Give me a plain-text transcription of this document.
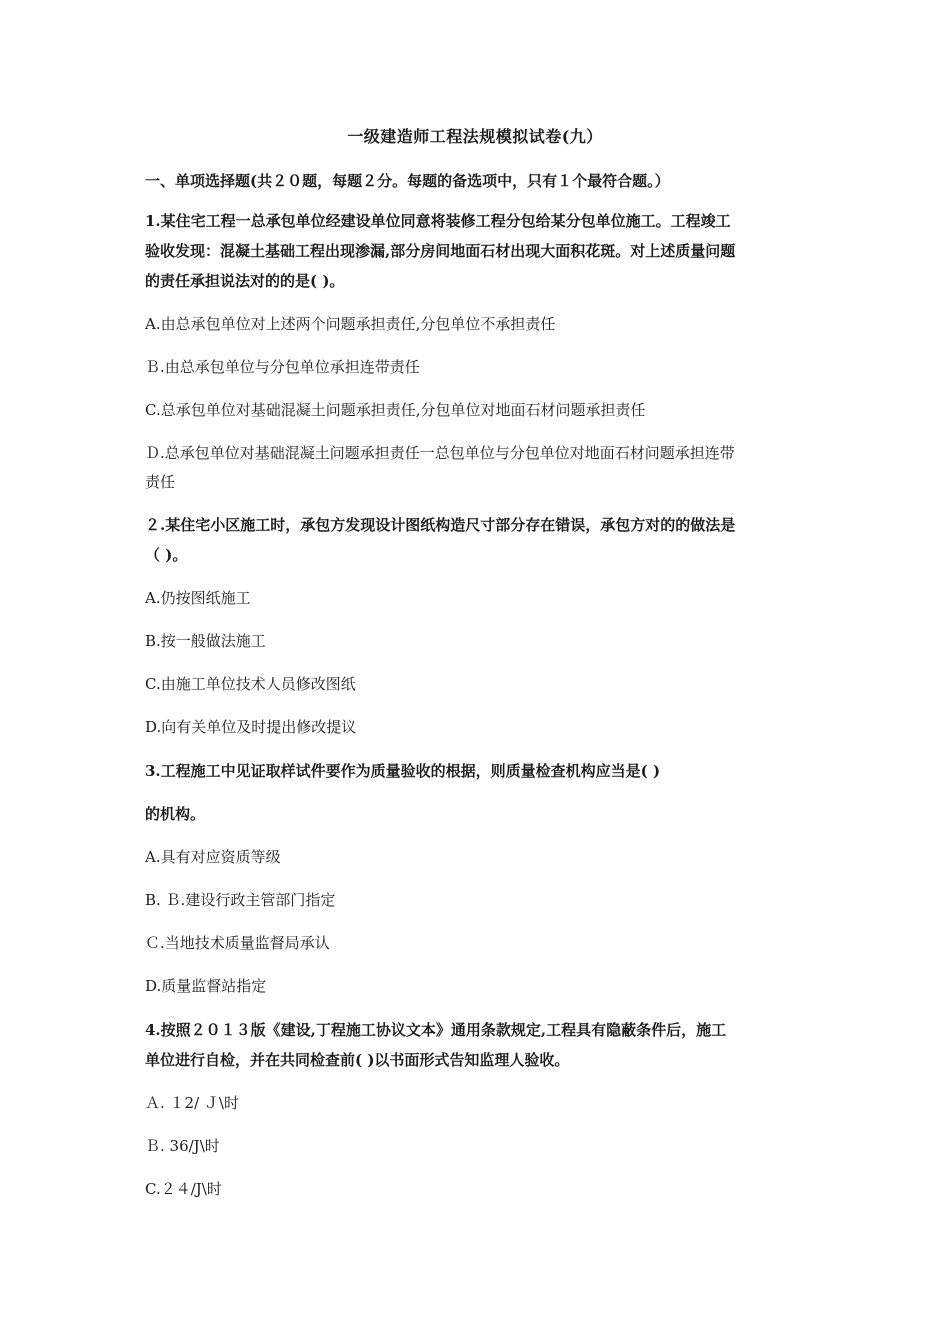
一级建造师工程法规模拟试卷(九）
一、单项选择题(共２０题，每题２分。每题的备选项中，只有１个最符合题。）
1.某住宅工程一总承包单位经建设单位同意将装修工程分包给某分包单位施工。工程竣工
验收发现：混凝土基础工程出现渗漏,部分房间地面石材出现大面积花斑。对上述质量问题
的责任承担说法对的的是( )。
A.由总承包单位对上述两个问题承担责任,分包单位不承担责任
Ｂ.由总承包单位与分包单位承担连带责任
C.总承包单位对基础混凝土问题承担责任,分包单位对地面石材问题承担责任
Ｄ.总承包单位对基础混凝土问题承担责任一总包单位与分包单位对地面石材问题承担连带
责任
２.某住宅小区施工时，承包方发现设计图纸构造尺寸部分存在错误，承包方对的的做法是
（ )。
A.仍按图纸施工
B.按一般做法施工
C.由施工单位技术人员修改图纸
D.向有关单位及时提出修改提议
3.工程施工中见证取样试件要作为质量验收的根据，则质量检查机构应当是( )
的机构。
A.具有对应资质等级
B. Ｂ.建设行政主管部门指定
Ｃ.当地技术质量监督局承认
D.质量监督站指定
4.按照２０１３版《建设,丁程施工协议文本》通用条款规定,工程具有隐蔽条件后，施工
单位进行自检，并在共同检查前( )以书面形式告知监理人验收。
Ａ. １2/ Ｊ\时
Ｂ. 36/J\时
C.２４/J\时
